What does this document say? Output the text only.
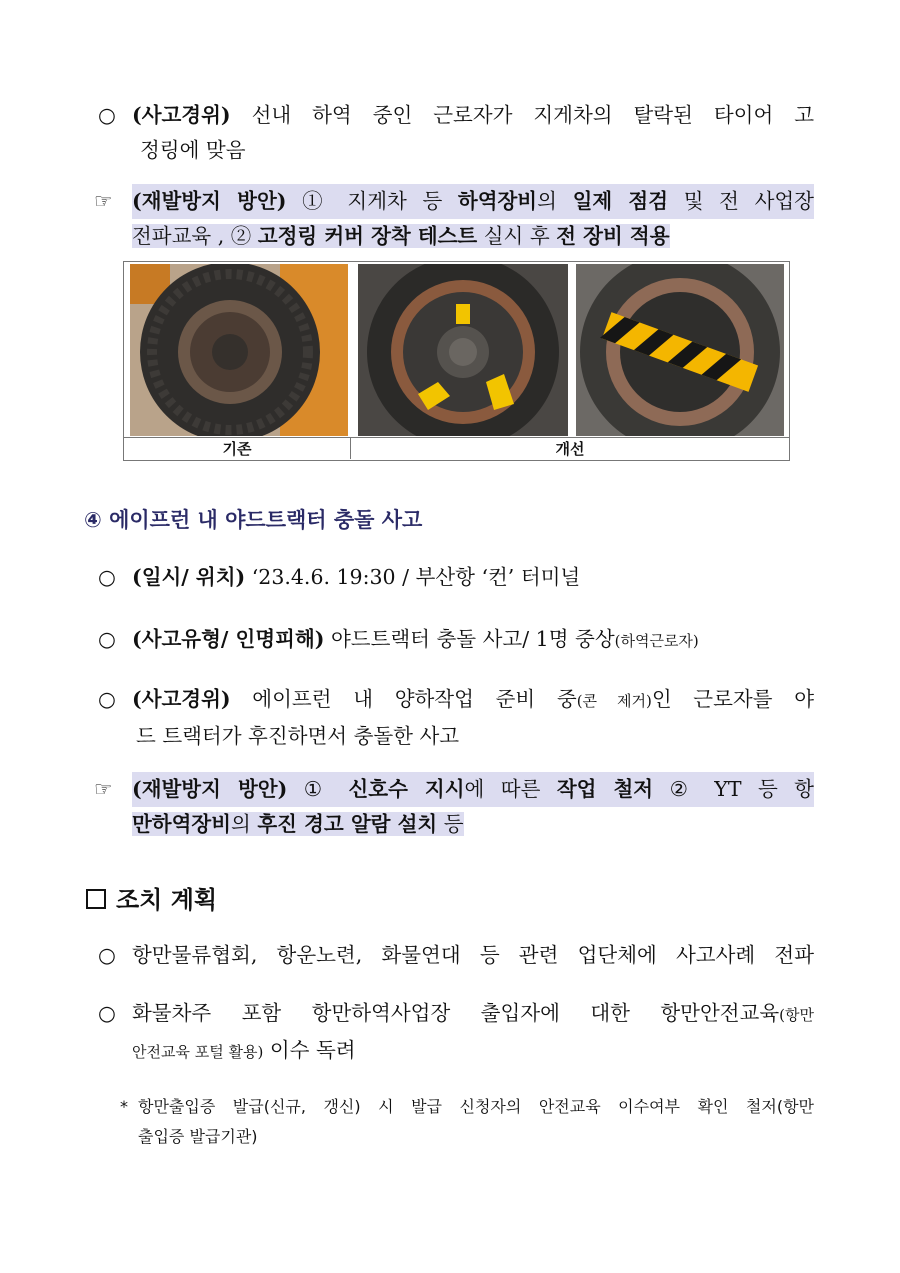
○ (사고경위) 선내 하역 중인 근로자가 지게차의 탈락된 타이어 고
정링에 맞음
☞ (재발방지 방안) ① 지게차 등 하역장비의 일제 점검 및 전 사업장
전파교육 , ② 고정링 커버 장착 테스트 실시 후 전 장비 적용
기존	개선
④ 에이프런 내 야드트랙터 충돌 사고
○ (일시/ 위치) ‘23.4.6. 19:30 / 부산항 ‘컨’ 터미널
○ (사고유형/ 인명피해) 야드트랙터 충돌 사고/ 1명 중상(하역근로자)
○ (사고경위) 에이프런 내 양하작업 준비 중(콘 제거)인 근로자를 야
드 트랙터가 후진하면서 충돌한 사고
☞ (재발방지 방안) ① 신호수 지시에 따른 작업 철저 ② YT 등 항
만하역장비의 후진 경고 알람 설치 등
조치 계획
○ 항만물류협회, 항운노련, 화물연대 등 관련 업단체에 사고사례 전파
○ 화물차주 포함 항만하역사업장 출입자에 대한 항만안전교육(항만
안전교육 포털 활용) 이수 독려
* 항만출입증 발급(신규, 갱신) 시 발급 신청자의 안전교육 이수여부 확인 철저(항만
출입증 발급기관)
